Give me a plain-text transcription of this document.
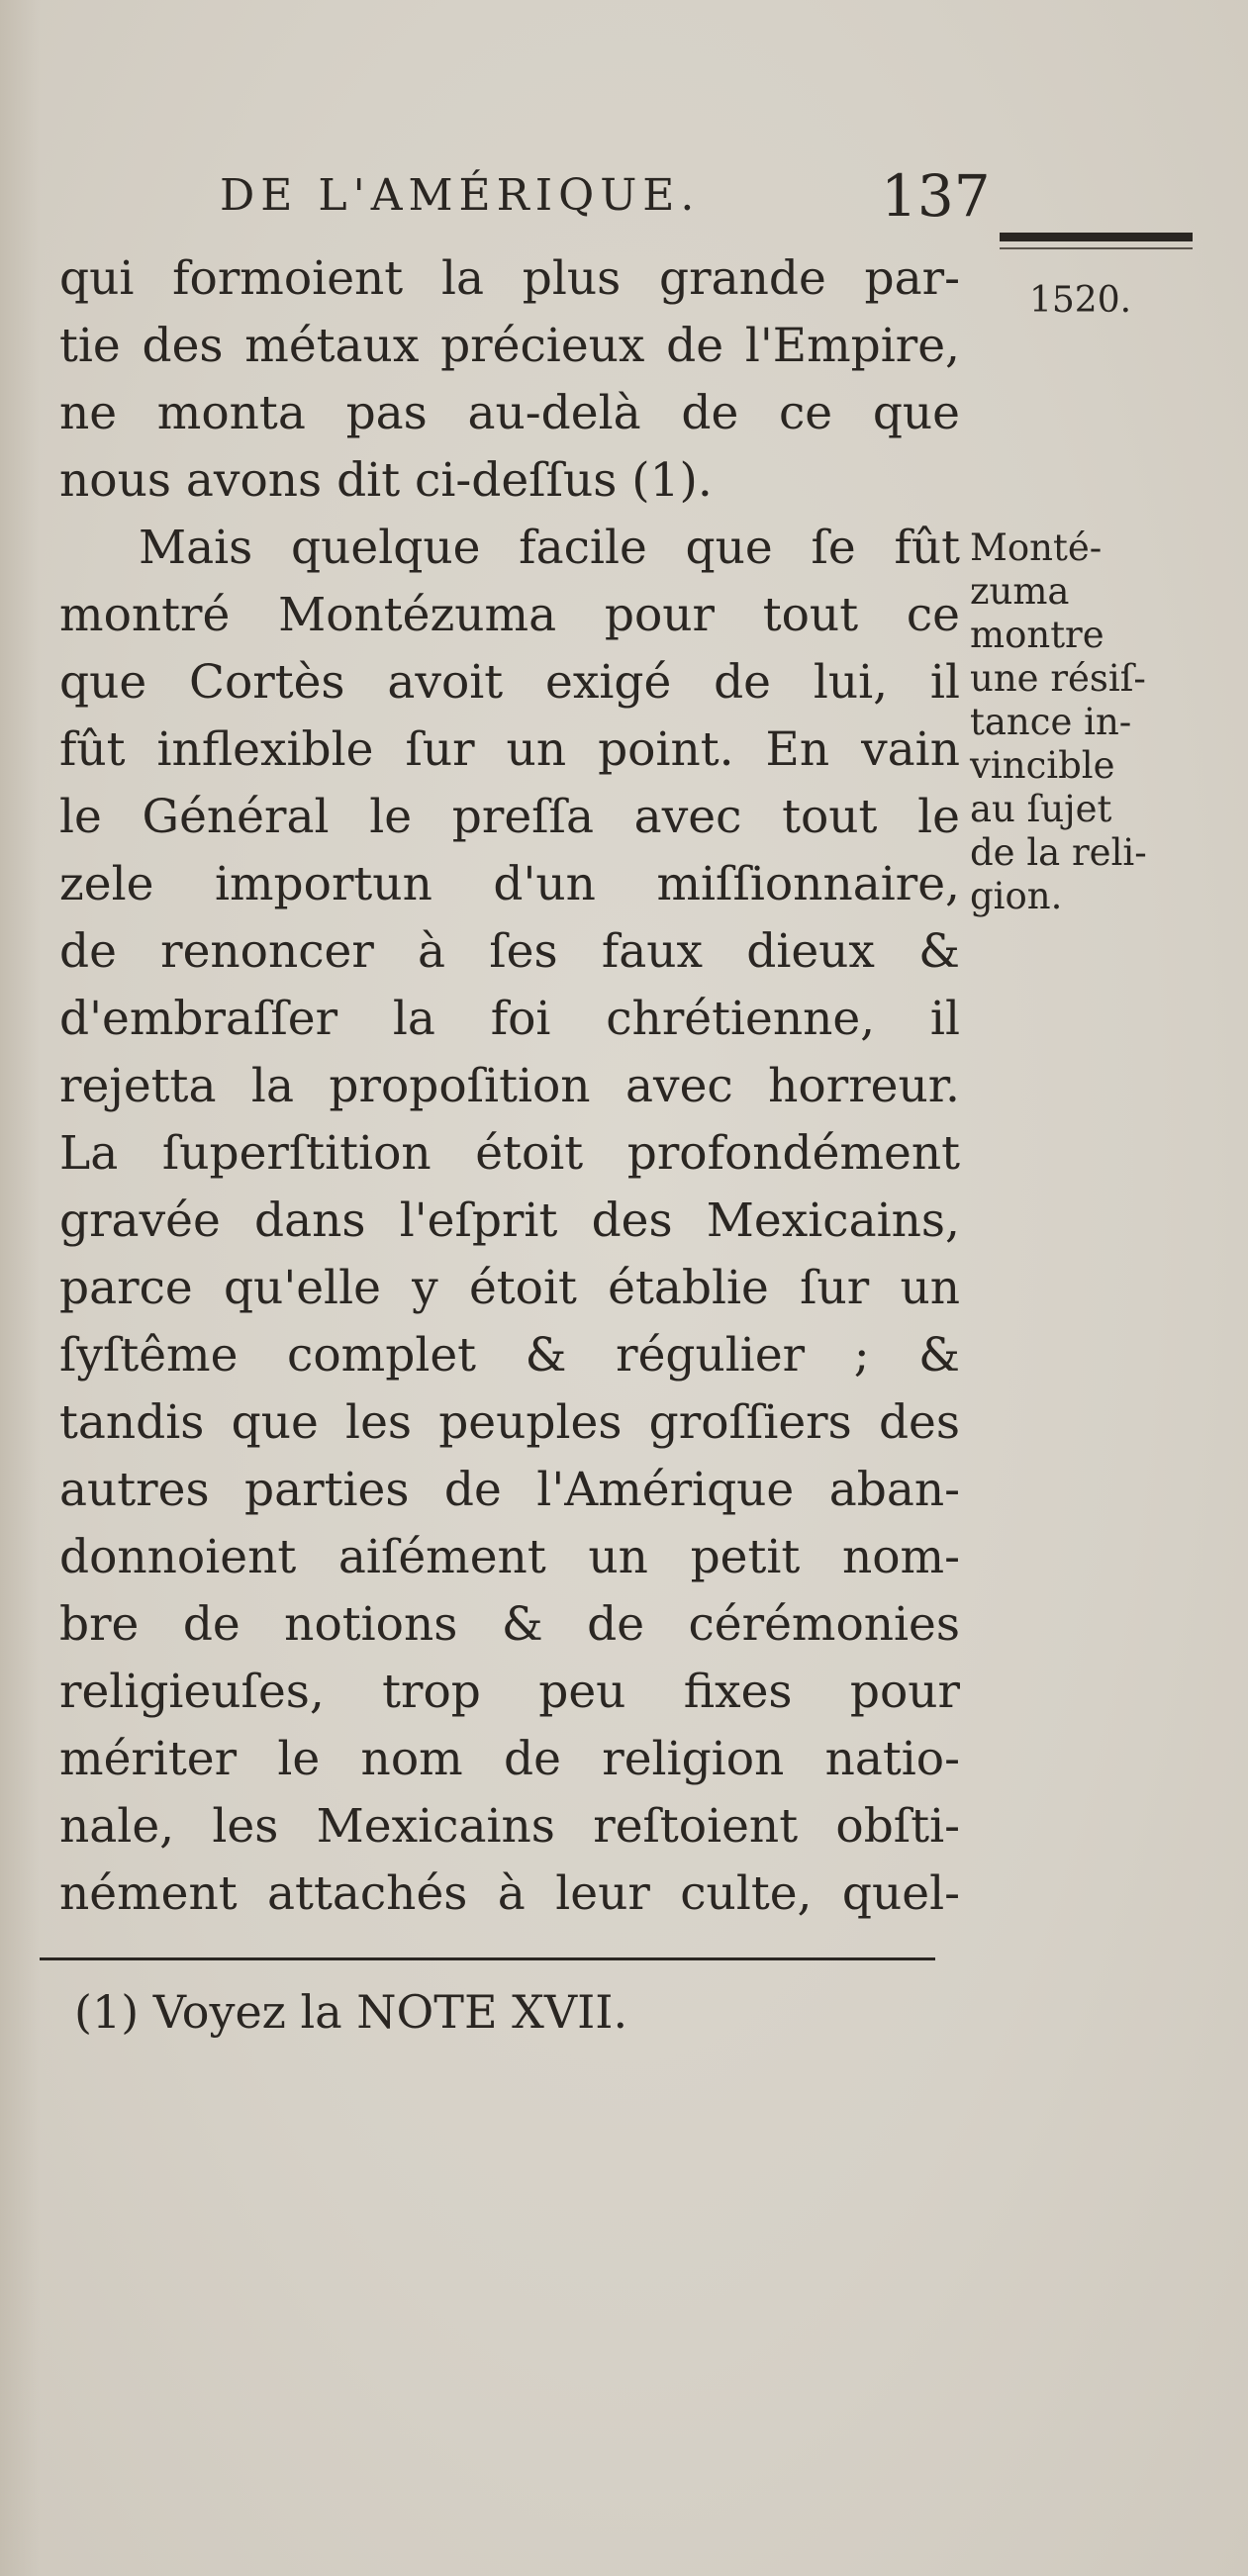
DE L'AMÉRIQUE.	137
1520.
qui formoient la plus grande par-
tie des métaux précieux de l'Empire,
ne monta pas au-delà de ce que
nous avons dit ci-deſſus (1).
Mais quelque facile que ſe fût
montré Montézuma pour tout ce
que Cortès avoit exigé de lui, il
fût inflexible ſur un point. En vain
le Général le preſſa avec tout le
zele importun d'un miſſionnaire,
de renoncer à ſes faux dieux &
d'embraſſer la foi chrétienne, il
rejetta la propoſition avec horreur.
La ſuperſtition étoit profondément
gravée dans l'eſprit des Mexicains,
parce qu'elle y étoit établie ſur un
ſyſtême complet & régulier ; &
tandis que les peuples groſſiers des
autres parties de l'Amérique aban-
donnoient aiſément un petit nom-
bre de notions & de cérémonies
religieuſes, trop peu fixes pour
mériter le nom de religion natio-
nale, les Mexicains reſtoient obſti-
nément attachés à leur culte, quel-
Monté-
zuma
montre
une résiſ-
tance in-
vincible
au ſujet
de la reli-
gion.
(1) Voyez la NOTE XVII.
